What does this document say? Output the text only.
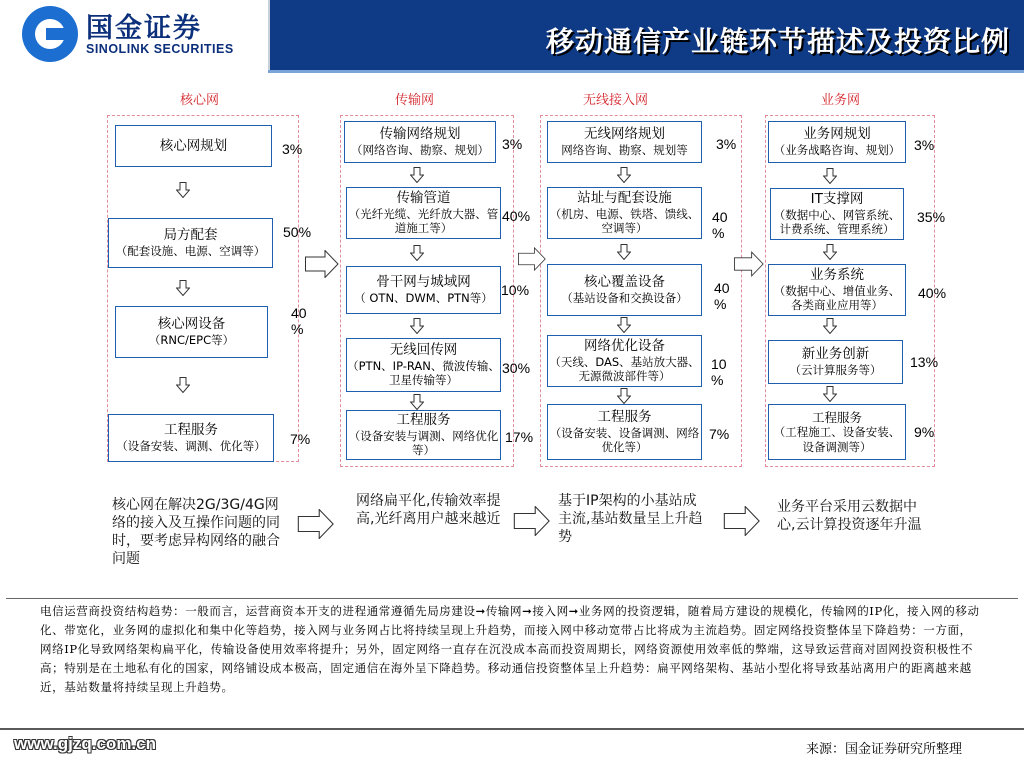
国金证券
SINOLINK SECURITIES	移动通信产业链环节描述及投资比例
核心网
核心网规划	3%
局方配套
（配套设施、电源、空调等）
50%
核心网设备
（RNC/EPC等）
40 %
工程服务
（设备安装、调测、优化等） 7%
传输网
传输网络规划
（网络咨询、勘察、规划） 3%
传输管道
（光纤光缆、光纤放大器、管道施工等）
40%
骨干网与城域网
（ OTN、DWM、PTN等）
10%
无线回传网
（PTN、IP-RAN、微波传输、卫星传输等）
30%
工程服务
（设备安装与调测、网络优化等）
17%
无线接入网
无线网络规划
网络咨询、勘察、规划等 3%
站址与配套设施
（机房、电源、铁塔、馈线、空调等）
40 %
核心覆盖设备
（基站设备和交换设备）
40 %
网络优化设备
（天线、DAS、基站放大器、无源微波部件等）
10 %
工程服务
（设备安装、设备调测、网络优化等）
7%
业务网
业务网规划
（业务战略咨询、规划） 3%
IT支撑网
（数据中心、网管系统、计费系统、管理系统）
35%
业务系统
（数据中心、增值业务、各类商业应用等）
40%
新业务创新
（云计算服务等）
13%
工程服务
（工程施工、设备安装、设备调测等）
9%
核心网在解决2G/3G/4G网络的接入及互操作问题的同时，要考虑异构网络的融合问题
网络扁平化,传输效率提高,光纤离用户越来越近
基于IP架构的小基站成主流,基站数量呈上升趋势
业务平台采用云数据中心,云计算投资逐年升温
电信运营商投资结构趋势：一般而言，运营商资本开支的进程通常遵循先局房建设➞传输网➞接入网➞业务网的投资逻辑，随着局方建设的规模化，传输网的IP化，接入网的移动化、带宽化，业务网的虚拟化和集中化等趋势，接入网与业务网占比将持续呈现上升趋势，而接入网中移动宽带占比将成为主流趋势。固定网络投资整体呈下降趋势：一方面，网络IP化导致网络架构扁平化，传输设备使用效率将提升；另外，固定网络一直存在沉没成本高而投资周期长，网络资源使用效率低的弊端，这导致运营商对固网投资积极性不高；特别是在土地私有化的国家，网络铺设成本极高，固定通信在海外呈下降趋势。移动通信投资整体呈上升趋势：扁平网络架构、基站小型化将导致基站离用户的距离越来越近，基站数量将持续呈现上升趋势。
www.gjzq.com.cn	来源：国金证券研究所整理
